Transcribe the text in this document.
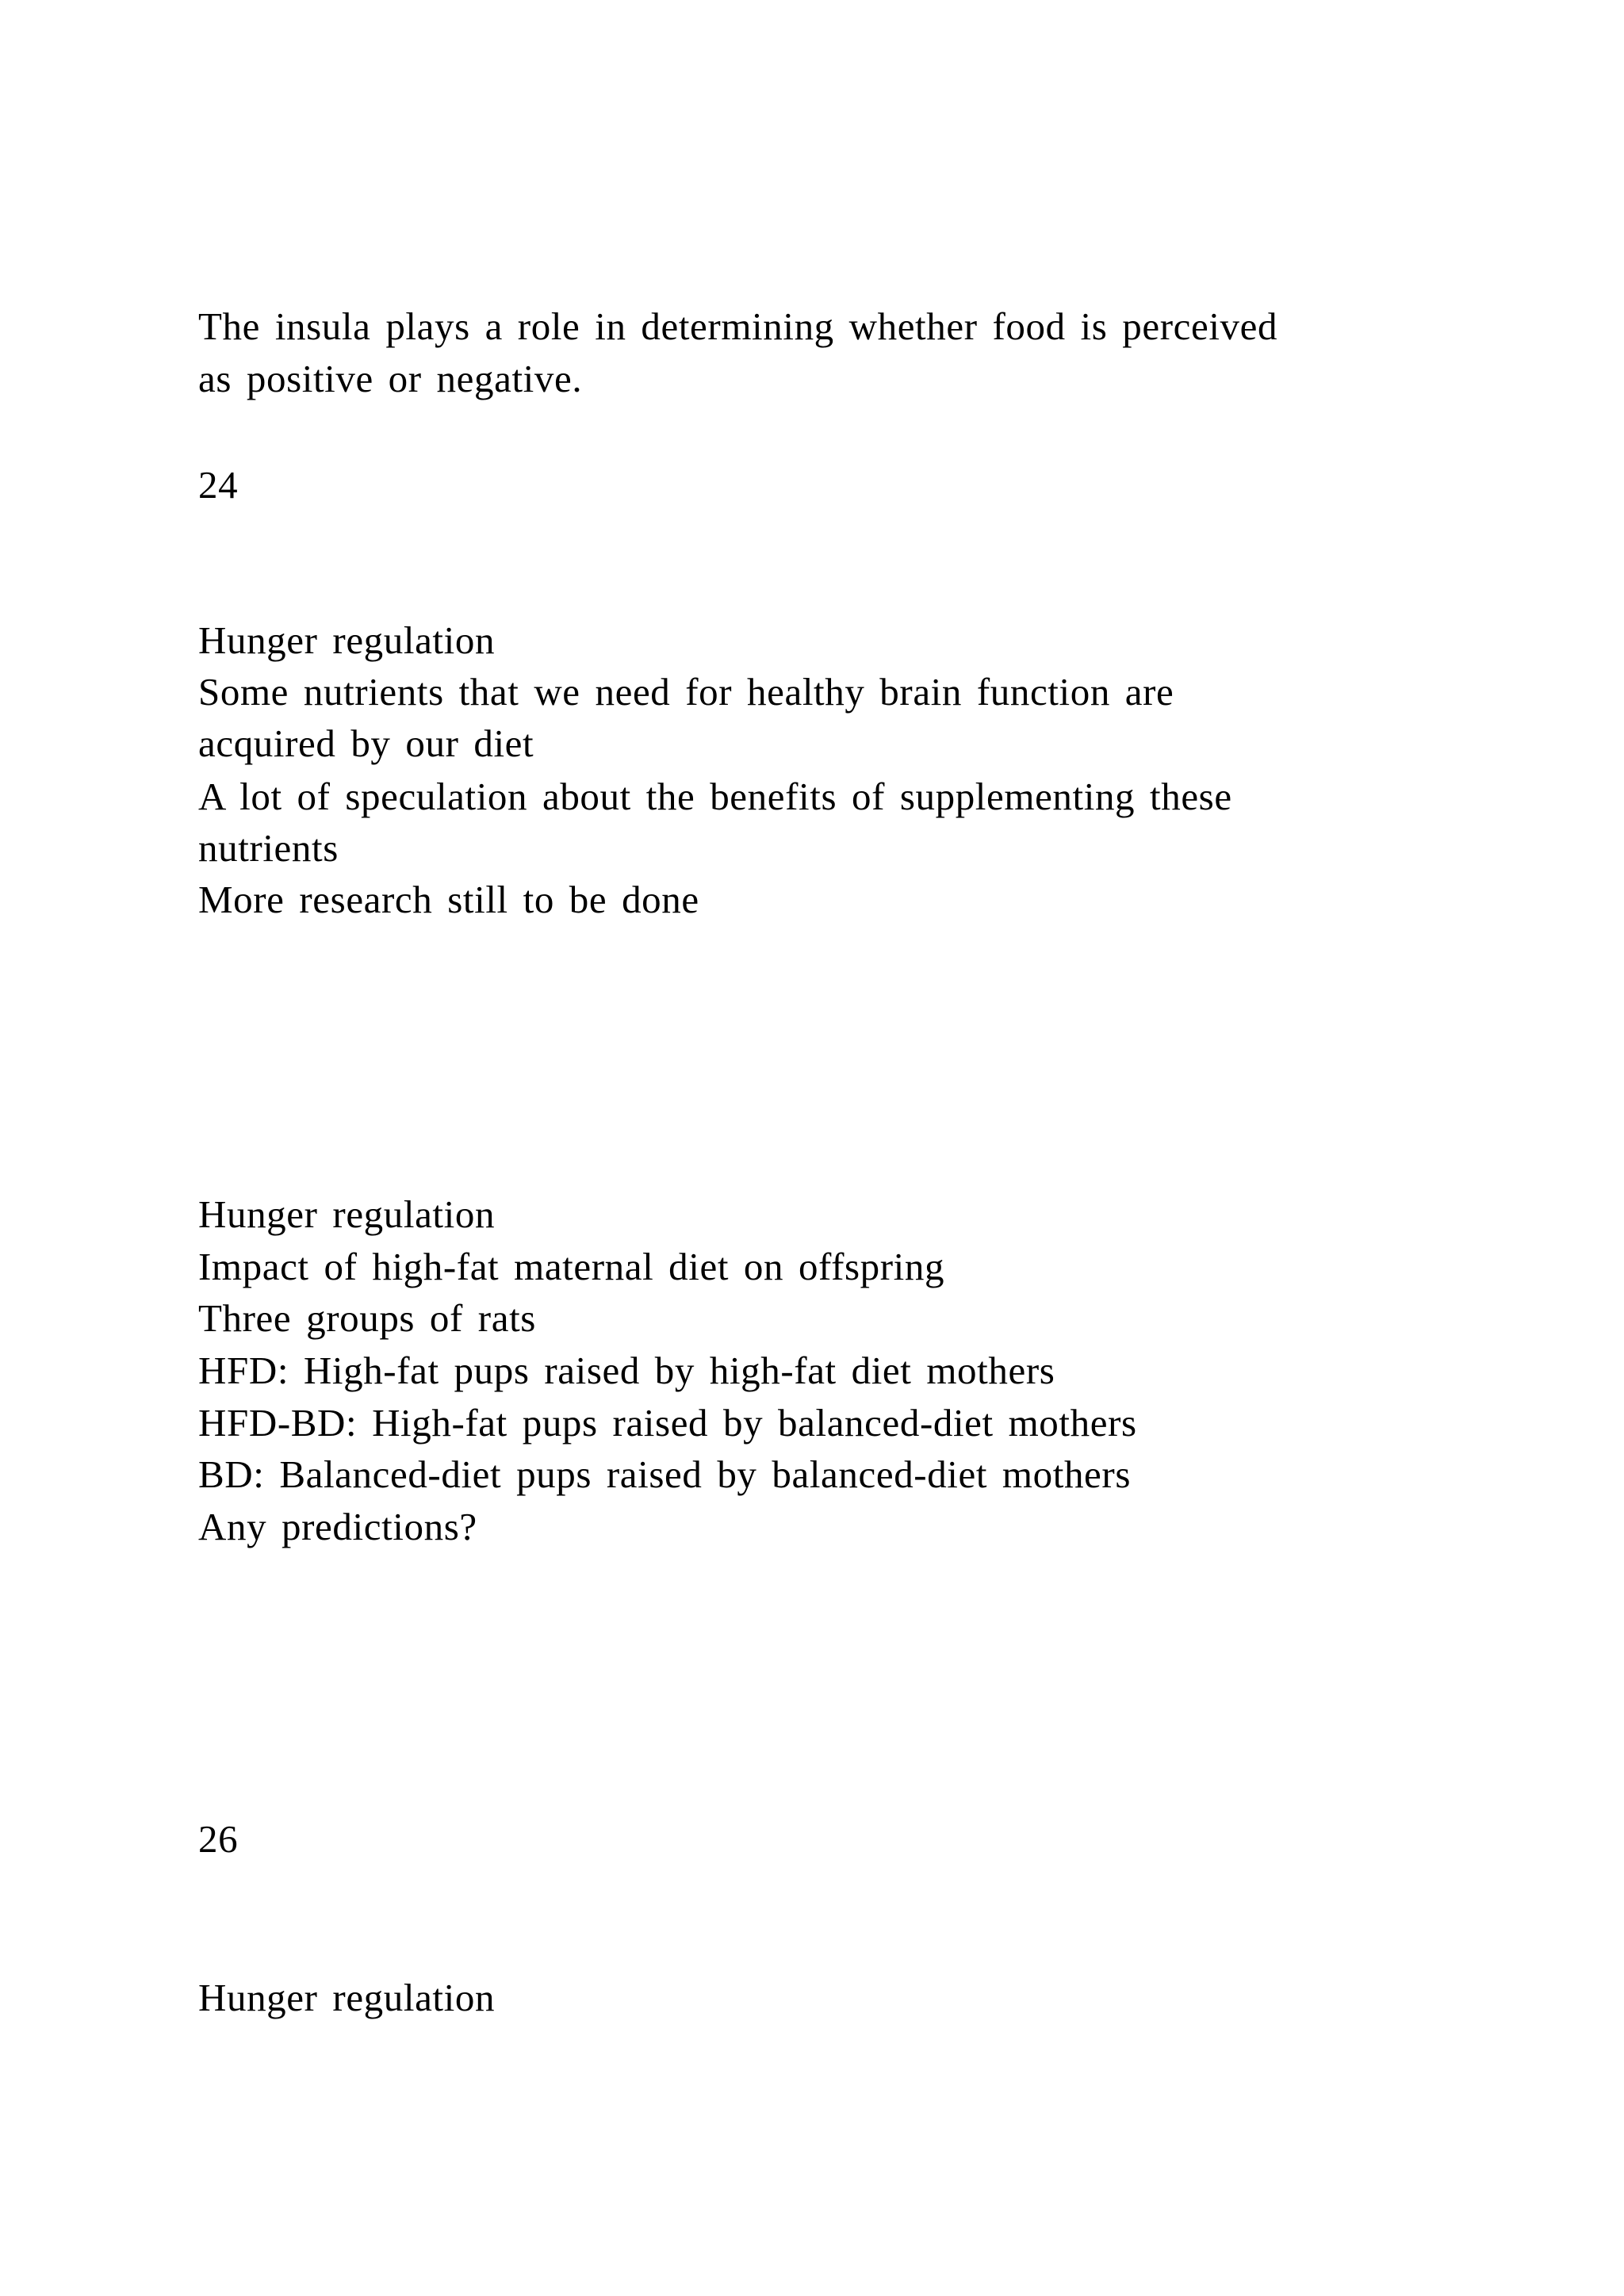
The insula plays a role in determining whether food is perceived
as positive or negative.
24
Hunger regulation
Some nutrients that we need for healthy brain function are
acquired by our diet
A lot of speculation about the benefits of supplementing these
nutrients
More research still to be done
Hunger regulation
Impact of high-fat maternal diet on offspring
Three groups of rats
HFD: High-fat pups raised by high-fat diet mothers
HFD-BD: High-fat pups raised by balanced-diet mothers
BD: Balanced-diet pups raised by balanced-diet mothers
Any predictions?
26
Hunger regulation
